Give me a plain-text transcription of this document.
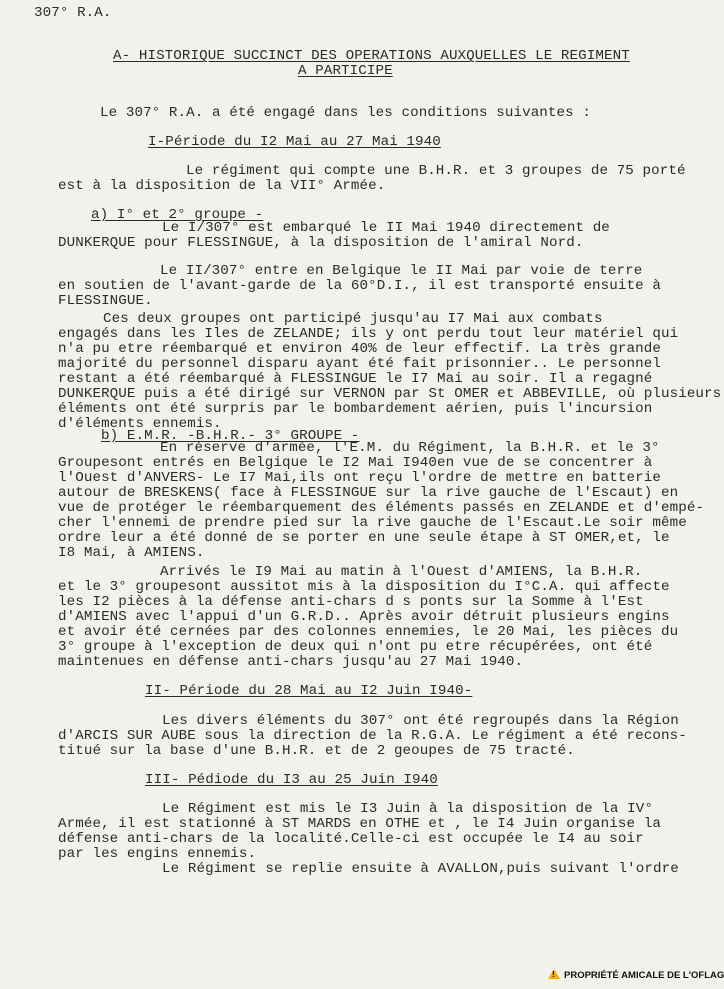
307° R.A.
A- HISTORIQUE SUCCINCT DES OPERATIONS AUXQUELLES LE REGIMENT
A PARTICIPE
Le 307° R.A. a été engagé dans les conditions suivantes :
I-Période du I2 Mai au 27 Mai 1940
Le régiment qui compte une B.H.R. et 3 groupes de 75 porté
est à la disposition de la VII° Armée.
a) I° et 2° groupe -
Le I/307° est embarqué le II Mai 1940 directement de
DUNKERQUE pour FLESSINGUE, à la disposition de l'amiral Nord.
Le II/307° entre en Belgique le II Mai par voie de terre
en soutien de l'avant-garde de la 60°D.I., il est transporté ensuite à
FLESSINGUE.
Ces deux groupes ont participé jusqu'au I7 Mai aux combats
engagés dans les Iles de ZELANDE; ils y ont perdu tout leur matériel qui
n'a pu etre réembarqué et environ 40% de leur effectif. La très grande
majorité du personnel disparu ayant été fait prisonnier.. Le personnel
restant a été réembarqué à FLESSINGUE le I7 Mai au soir. Il a regagné
DUNKERQUE puis a été dirigé sur VERNON par St OMER et ABBEVILLE, où plusieurs
éléments ont été surpris par le bombardement aérien, puis l'incursion
d'éléments ennemis.
b) E.M.R. -B.H.R.- 3° GROUPE -
En réserve d'armée, l'E.M. du Régiment, la B.H.R. et le 3°
Groupesont entrés en Belgique le I2 Mai I940en vue de se concentrer à
l'Ouest d'ANVERS- Le I7 Mai,ils ont reçu l'ordre de mettre en batterie
autour de BRESKENS( face à FLESSINGUE sur la rive gauche de l'Escaut) en
vue de protéger le réembarquement des éléments passés en ZELANDE et d'empé-
cher l'ennemi de prendre pied sur la rive gauche de l'Escaut.Le soir même
ordre leur a été donné de se porter en une seule étape à ST OMER,et, le
I8 Mai, à AMIENS.
Arrivés le I9 Mai au matin à l'Ouest d'AMIENS, la B.H.R.
et le 3° groupesont aussitot mis à la disposition du I°C.A. qui affecte
les I2 pièces à la défense anti-chars d s ponts sur la Somme à l'Est
d'AMIENS avec l'appui d'un G.R.D.. Après avoir détruit plusieurs engins
et avoir été cernées par des colonnes ennemies, le 20 Mai, les pièces du
3° groupe à l'exception de deux qui n'ont pu etre récupérées, ont été
maintenues en défense anti-chars jusqu'au 27 Mai 1940.
II- Période du 28 Mai au I2 Juin I940-
Les divers éléments du 307° ont été regroupés dans la Région
d'ARCIS SUR AUBE sous la direction de la R.G.A. Le régiment a été recons-
titué sur la base d'une B.H.R. et de 2 geoupes de 75 tracté.
III- Pédiode du I3 au 25 Juin I940
Le Régiment est mis le I3 Juin à la disposition de la IV°
Armée, il est stationné à ST MARDS en OTHE et , le I4 Juin organise la
défense anti-chars de la localité.Celle-ci est occupée le I4 au soir
par les engins ennemis.
Le Régiment se replie ensuite à AVALLON,puis suivant l'ordre
!PROPRIÉTÉ AMICALE DE L'OFLAG
